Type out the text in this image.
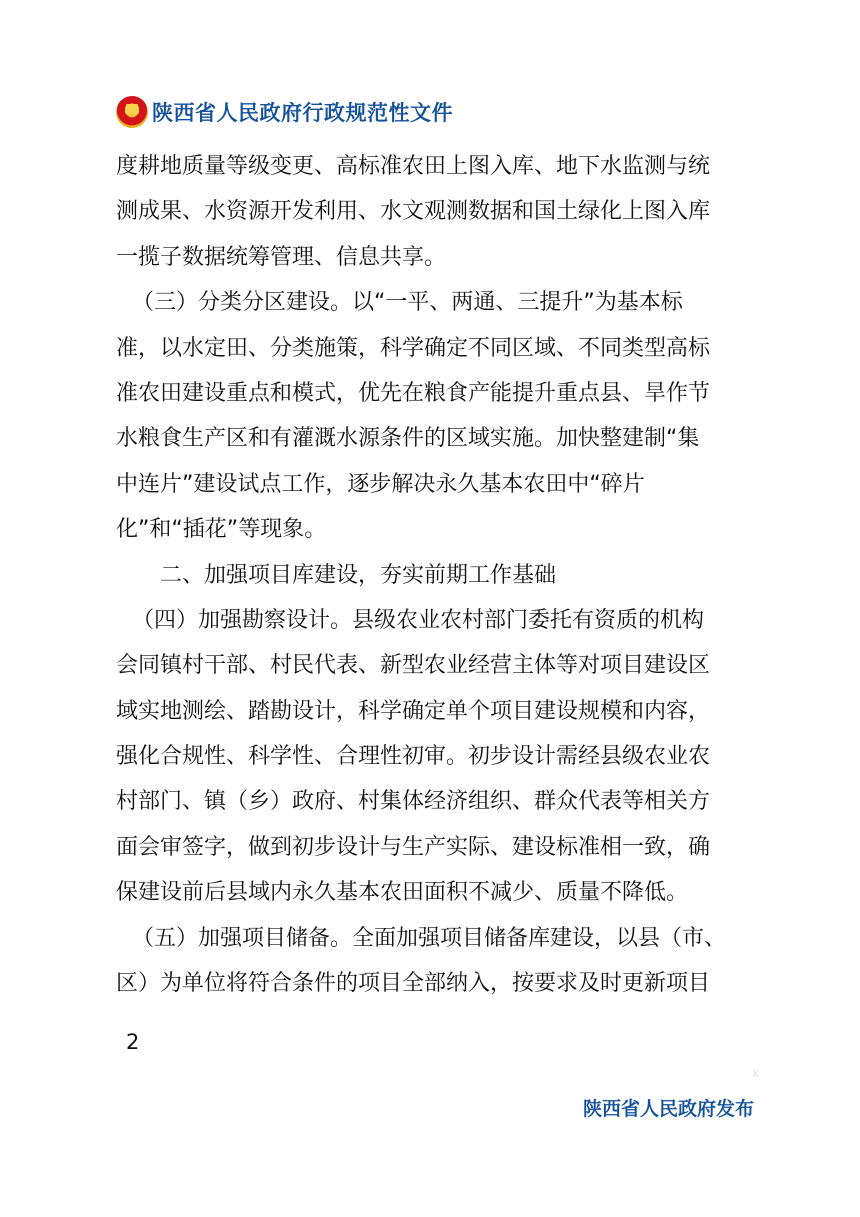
陕西省人民政府行政规范性文件
度耕地质量等级变更、高标准农田上图入库、地下水监测与统
测成果、水资源开发利用、水文观测数据和国土绿化上图入库
一揽子数据统筹管理、信息共享。
（三）分类分区建设。以“一平、两通、三提升”为基本标
准，以水定田、分类施策，科学确定不同区域、不同类型高标
准农田建设重点和模式，优先在粮食产能提升重点县、旱作节
水粮食生产区和有灌溉水源条件的区域实施。加快整建制“集
中连片”建设试点工作，逐步解决永久基本农田中“碎片
化”和“插花”等现象。
二、加强项目库建设，夯实前期工作基础
（四）加强勘察设计。县级农业农村部门委托有资质的机构
会同镇村干部、村民代表、新型农业经营主体等对项目建设区
域实地测绘、踏勘设计，科学确定单个项目建设规模和内容，
强化合规性、科学性、合理性初审。初步设计需经县级农业农
村部门、镇（乡）政府、村集体经济组织、群众代表等相关方
面会审签字，做到初步设计与生产实际、建设标准相一致，确
保建设前后县域内永久基本农田面积不减少、质量不降低。
（五）加强项目储备。全面加强项目储备库建设，以县（市、
区）为单位将符合条件的项目全部纳入，按要求及时更新项目
2
x
陕西省人民政府发布
